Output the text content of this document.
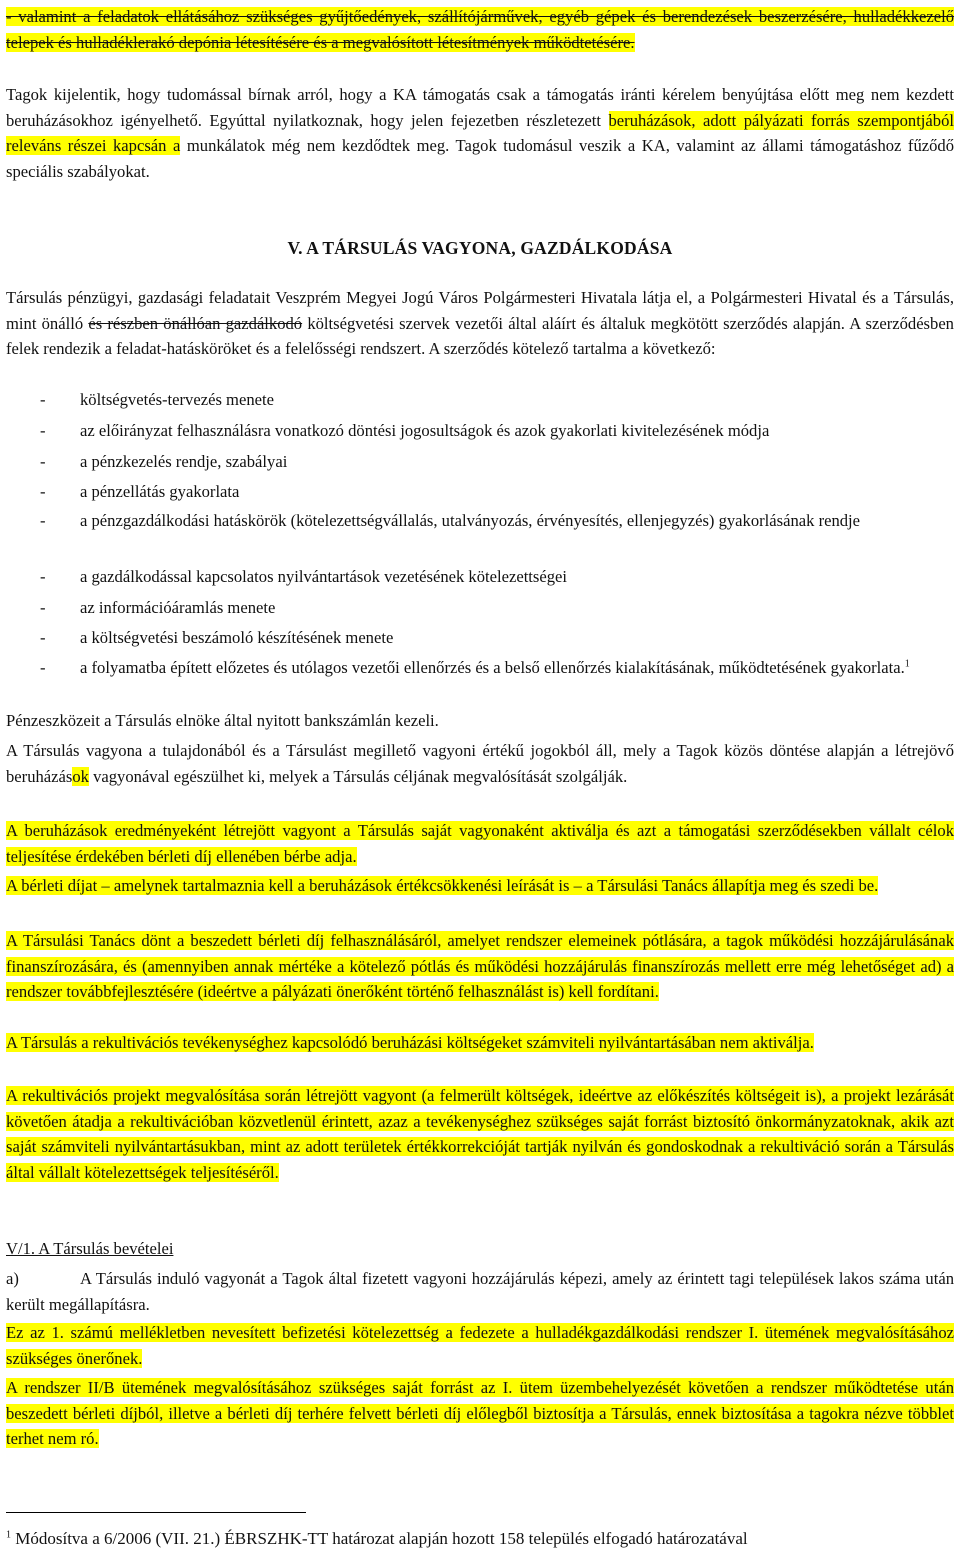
- valamint a feladatok ellátásához szükséges gyűjtőedények, szállítójárművek, egyéb gépek és berendezések beszerzésére, hulladékkezelő telepek és hulladéklerakó depónia létesítésére és a megvalósított létesítmények működtetésére.

Tagok kijelentik, hogy tudomással bírnak arról, hogy a KA támogatás csak a támogatás iránti kérelem benyújtása előtt meg nem kezdett beruházásokhoz igényelhető. Egyúttal nyilatkoznak, hogy jelen fejezetben részletezett beruházások, adott pályázati forrás szempontjából releváns részei kapcsán a munkálatok még nem kezdődtek meg. Tagok tudomásul veszik a KA, valamint az állami támogatáshoz fűződő speciális szabályokat.

V. A TÁRSULÁS VAGYONA, GAZDÁLKODÁSA

Társulás pénzügyi, gazdasági feladatait Veszprém Megyei Jogú Város Polgármesteri Hivatala látja el, a Polgármesteri Hivatal és a Társulás, mint önálló és részben önállóan gazdálkodó költségvetési szervek vezetői által aláírt és általuk megkötött szerződés alapján. A szerződésben felek rendezik a feladat-hatásköröket és a felelősségi rendszert. A szerződés kötelező tartalma a következő:

- költségvetés-tervezés menete
- az előirányzat felhasználásra vonatkozó döntési jogosultságok és azok gyakorlati kivitelezésének módja
- a pénzkezelés rendje, szabályai
- a pénzellátás gyakorlata
- a pénzgazdálkodási hatáskörök (kötelezettségvállalás, utalványozás, érvényesítés, ellenjegyzés) gyakorlásának rendje
- a gazdálkodással kapcsolatos nyilvántartások vezetésének kötelezettségei
- az információáramlás menete
- a költségvetési beszámoló készítésének menete
- a folyamatba épített előzetes és utólagos vezetői ellenőrzés és a belső ellenőrzés kialakításának, működtetésének gyakorlata.$^1$

Pénzeszközeit a Társulás elnöke által nyitott bankszámlán kezeli.

A Társulás vagyona a tulajdonából és a Társulást megillető vagyoni értékű jogokból áll, mely a Tagok közös döntése alapján a létrejövő beruházások vagyonával egészülhet ki, melyek a Társulás céljának megvalósítását szolgálják.

A beruházások eredményeként létrejött vagyont a Társulás saját vagyonaként aktiválja és azt a támogatási szerződésekben vállalt célok teljesítése érdekében bérleti díj ellenében bérbe adja.

A bérleti díjat – amelynek tartalmaznia kell a beruházások értékcsökkenési leírását is – a Társulási Tanács állapítja meg és szedi be.

A Társulási Tanács dönt a beszedett bérleti díj felhasználásáról, amelyet rendszer elemeinek pótlására, a tagok működési hozzájárulásának finanszírozására, és (amennyiben annak mértéke a kötelező pótlás és működési hozzájárulás finanszírozás mellett erre még lehetőséget ad) a rendszer továbbfejlesztésére (ideértve a pályázati önerőként történő felhasználást is) kell fordítani.

A Társulás a rekultivációs tevékenységhez kapcsolódó beruházási költségeket számviteli nyilvántartásában nem aktiválja.

A rekultivációs projekt megvalósítása során létrejött vagyont (a felmerült költségek, ideértve az előkészítés költségeit is), a projekt lezárását követően átadja a rekultivációban közvetlenül érintett, azaz a tevékenységhez szükséges saját forrást biztosító önkormányzatoknak, akik azt saját számviteli nyilvántartásukban, mint az adott területek értékkorrekcióját tartják nyilván és gondoskodnak a rekultiváció során a Társulás által vállalt kötelezettségek teljesítéséről.

V/1. A Társulás bevételei

a)	A Társulás induló vagyonát a Tagok által fizetett vagyoni hozzájárulás képezi, amely az érintett tagi települések lakos száma után került megállapításra.

Ez az 1. számú mellékletben nevesített befizetési kötelezettség a fedezete a hulladékgazdálkodási rendszer I. ütemének megvalósításához szükséges önerőnek.

A rendszer II/B ütemének megvalósításához szükséges saját forrást az I. ütem üzembehelyezését követően a rendszer működtetése után beszedett bérleti díjból, illetve a bérleti díj terhére felvett bérleti díj előlegből biztosítja a Társulás, ennek biztosítása a tagokra nézve többlet terhet nem ró.

$^1$ Módosítva a 6/2006 (VII. 21.) ÉBRSZHK-TT határozat alapján hozott 158 település elfogadó határozatával
